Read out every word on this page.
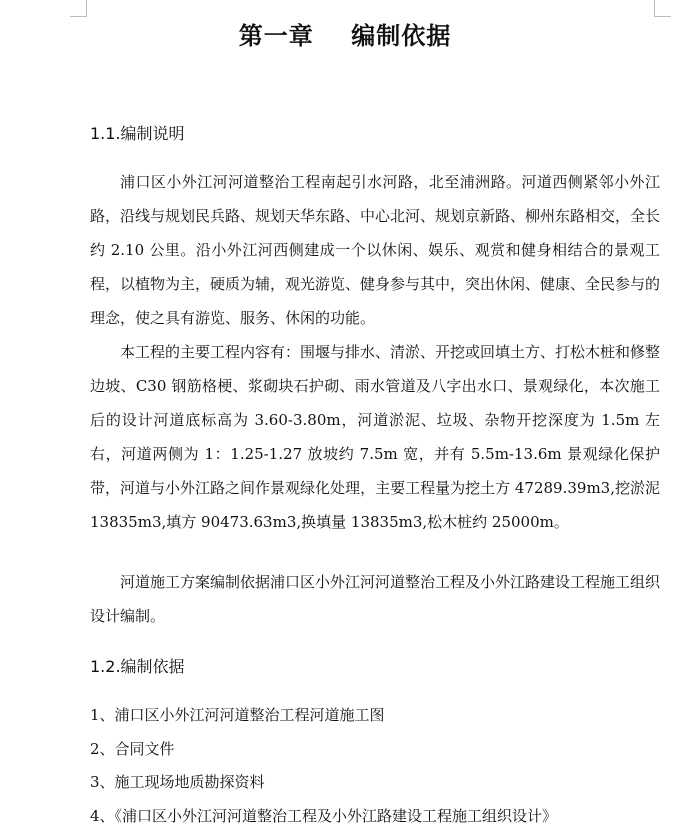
第一章    编制依据
1.1.编制说明

浦口区小外江河河道整治工程南起引水河路，北至浦洲路。河道西侧紧邻小外江路，沿线与规划民兵路、规划天华东路、中心北河、规划京新路、柳州东路相交，全长约 2.10 公里。沿小外江河西侧建成一个以休闲、娱乐、观赏和健身相结合的景观工程，以植物为主，硬质为辅，观光游览、健身参与其中，突出休闲、健康、全民参与的理念，使之具有游览、服务、休闲的功能。

本工程的主要工程内容有：围堰与排水、清淤、开挖或回填土方、打松木桩和修整边坡、C30 钢筋格梗、浆砌块石护砌、雨水管道及八字出水口、景观绿化，本次施工后的设计河道底标高为 3.60-3.80m，河道淤泥、垃圾、杂物开挖深度为 1.5m 左右，河道两侧为 1：1.25-1.27 放坡约 7.5m 宽，并有 5.5m-13.6m 景观绿化保护带，河道与小外江路之间作景观绿化处理，主要工程量为挖土方 47289.39m3,挖淤泥 13835m3,填方 90473.63m3,换填量 13835m3,松木桩约 25000m。

河道施工方案编制依据浦口区小外江河河道整治工程及小外江路建设工程施工组织设计编制。

1.2.编制依据
1、浦口区小外江河河道整治工程河道施工图
2、合同文件
3、施工现场地质勘探资料
4、《浦口区小外江河河道整治工程及小外江路建设工程施工组织设计》
